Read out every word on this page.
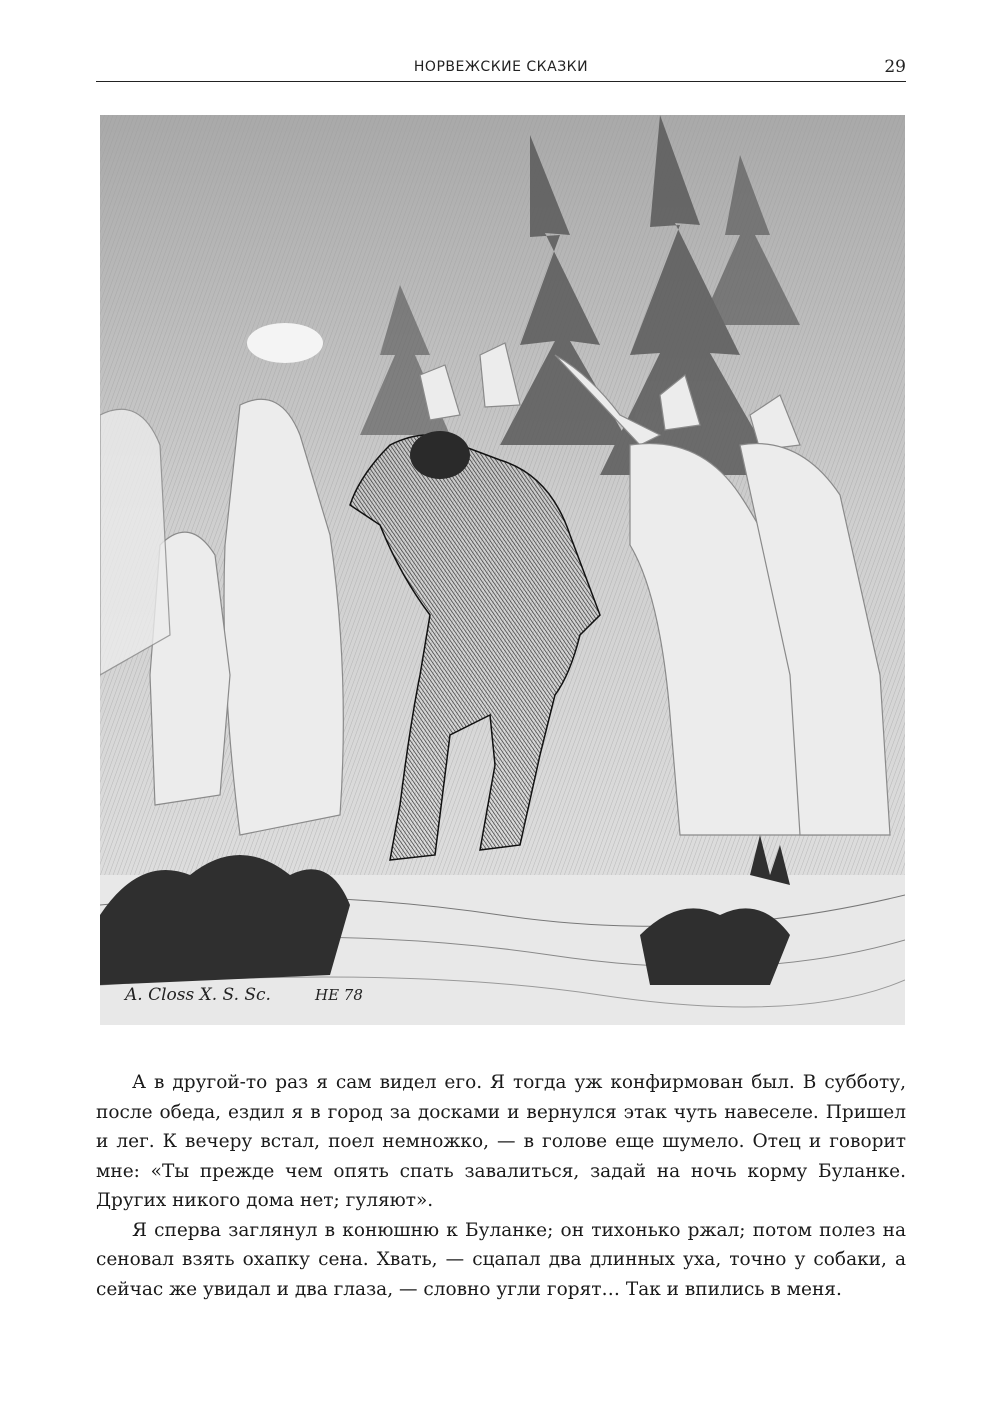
НОРВЕЖСКИЕ СКАЗКИ	29
A. Closs X. S. Sc.	HE 78

А в другой-то раз я сам видел его. Я тогда уж конфирмован был. В субботу, после обеда, ездил я в город за досками и вернулся этак чуть навеселе. Пришел и лег. К вечеру встал, поел немножко, — в голове еще шумело. Отец и говорит мне: «Ты прежде чем опять спать завалиться, задай на ночь корму Буланке. Других никого дома нет; гуляют».

Я сперва заглянул в конюшню к Буланке; он тихонько ржал; потом полез на сеновал взять охапку сена. Хвать, — сцапал два длинных уха, точно у собаки, а сейчас же увидал и два глаза, — словно угли горят… Так и впились в меня.
